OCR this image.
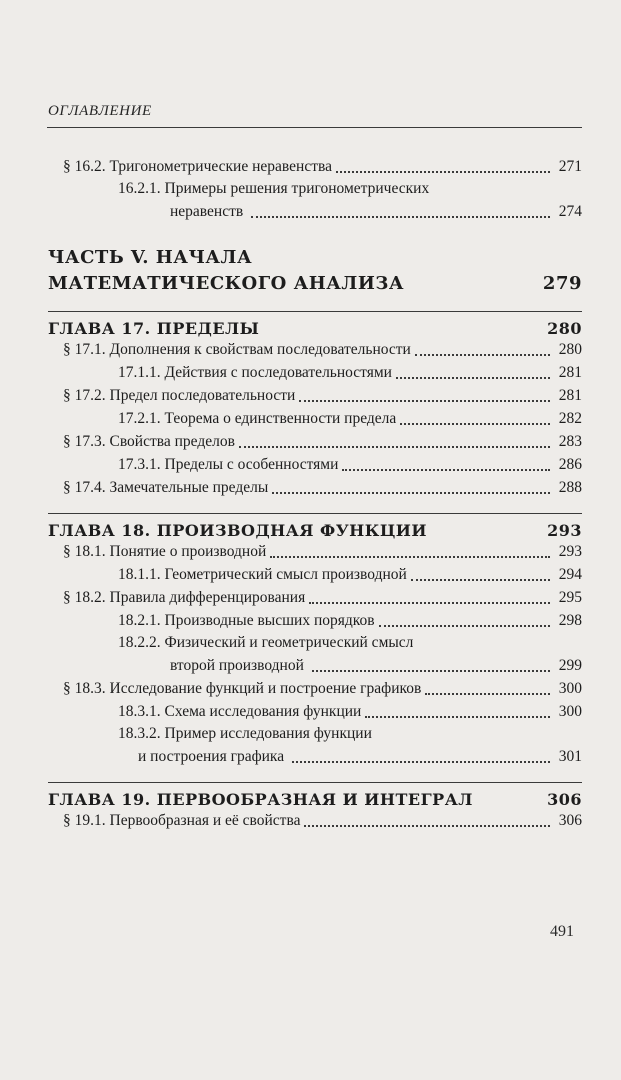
ОГЛАВЛЕНИЕ
§ 16.2. Тригонометрические неравенства	271
16.2.1. Примеры решения тригонометрических
неравенств	274
ЧАСТЬ V. НАЧАЛА
МАТЕМАТИЧЕСКОГО АНАЛИЗА	279
ГЛАВА 17. ПРЕДЕЛЫ	280
§ 17.1. Дополнения к свойствам последовательности	280
17.1.1. Действия с последовательностями	281
§ 17.2. Предел последовательности	281
17.2.1. Теорема о единственности предела	282
§ 17.3. Свойства пределов	283
17.3.1. Пределы с особенностями	286
§ 17.4. Замечательные пределы	288
ГЛАВА 18. ПРОИЗВОДНАЯ ФУНКЦИИ	293
§ 18.1. Понятие о производной	293
18.1.1. Геометрический смысл производной	294
§ 18.2. Правила дифференцирования	295
18.2.1. Производные высших порядков	298
18.2.2. Физический и геометрический смысл
второй производной	299
§ 18.3. Исследование функций и построение графиков	300
18.3.1. Схема исследования функции	300
18.3.2. Пример исследования функции
и построения графика	301
ГЛАВА 19. ПЕРВООБРАЗНАЯ И ИНТЕГРАЛ	306
§ 19.1. Первообразная и её свойства	306
491
